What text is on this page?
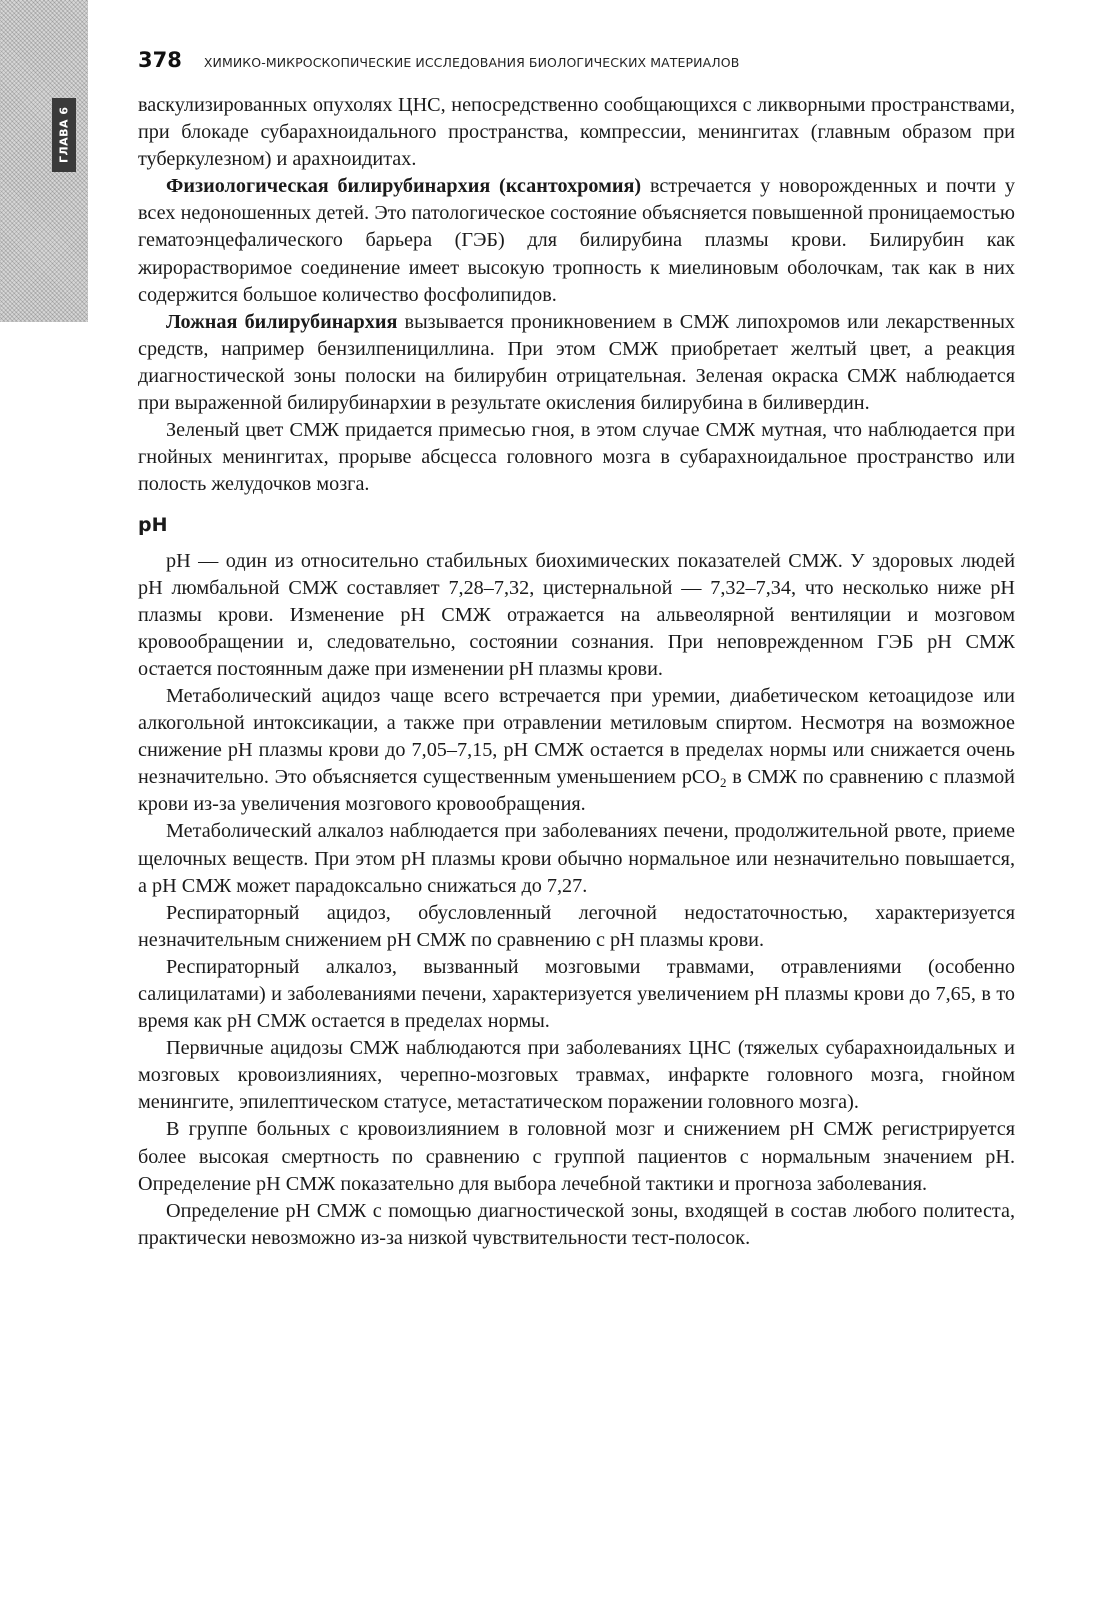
ГЛАВА 6
378 ХИМИКО-МИКРОСКОПИЧЕСКИЕ ИССЛЕДОВАНИЯ БИОЛОГИЧЕСКИХ МАТЕРИАЛОВ

васкулизированных опухолях ЦНС, непосредственно сообщающихся с ликворными пространствами, при блокаде субарахноидального пространства, компрессии, менингитах (главным образом при туберкулезном) и арахноидитах.

Физиологическая билирубинархия (ксантохромия) встречается у новорожденных и почти у всех недоношенных детей. Это патологическое состояние объясняется повышенной проницаемостью гематоэнцефалического барьера (ГЭБ) для билирубина плазмы крови. Билирубин как жирорастворимое соединение имеет высокую тропность к миелиновым оболочкам, так как в них содержится большое количество фосфолипидов.

Ложная билирубинархия вызывается проникновением в СМЖ липохромов или лекарственных средств, например бензилпенициллина. При этом СМЖ приобретает желтый цвет, а реакция диагностической зоны полоски на билирубин отрицательная. Зеленая окраска СМЖ наблюдается при выраженной билирубинархии в результате окисления билирубина в биливердин.

Зеленый цвет СМЖ придается примесью гноя, в этом случае СМЖ мутная, что наблюдается при гнойных менингитах, прорыве абсцесса головного мозга в субарахноидальное пространство или полость желудочков мозга.

pH

pH — один из относительно стабильных биохимических показателей СМЖ. У здоровых людей pH люмбальной СМЖ составляет 7,28–7,32, цистернальной — 7,32–7,34, что несколько ниже pH плазмы крови. Изменение pH СМЖ отражается на альвеолярной вентиляции и мозговом кровообращении и, следовательно, состоянии сознания. При неповрежденном ГЭБ pH СМЖ остается постоянным даже при изменении pH плазмы крови.

Метаболический ацидоз чаще всего встречается при уремии, диабетическом кетоацидозе или алкогольной интоксикации, а также при отравлении метиловым спиртом. Несмотря на возможное снижение pH плазмы крови до 7,05–7,15, pH СМЖ остается в пределах нормы или снижается очень незначительно. Это объясняется существенным уменьшением pCO$_2$ в СМЖ по сравнению с плазмой крови из-за увеличения мозгового кровообращения.

Метаболический алкалоз наблюдается при заболеваниях печени, продолжительной рвоте, приеме щелочных веществ. При этом pH плазмы крови обычно нормальное или незначительно повышается, а pH СМЖ может парадоксально снижаться до 7,27.

Респираторный ацидоз, обусловленный легочной недостаточностью, характеризуется незначительным снижением pH СМЖ по сравнению с pH плазмы крови.

Респираторный алкалоз, вызванный мозговыми травмами, отравлениями (особенно салицилатами) и заболеваниями печени, характеризуется увеличением pH плазмы крови до 7,65, в то время как pH СМЖ остается в пределах нормы.

Первичные ацидозы СМЖ наблюдаются при заболеваниях ЦНС (тяжелых субарахноидальных и мозговых кровоизлияниях, черепно-мозговых травмах, инфаркте головного мозга, гнойном менингите, эпилептическом статусе, метастатическом поражении головного мозга).

В группе больных с кровоизлиянием в головной мозг и снижением pH СМЖ регистрируется более высокая смертность по сравнению с группой пациентов с нормальным значением pH. Определение pH СМЖ показательно для выбора лечебной тактики и прогноза заболевания.

Определение pH СМЖ с помощью диагностической зоны, входящей в состав любого политеста, практически невозможно из-за низкой чувствительности тест-полосок.
